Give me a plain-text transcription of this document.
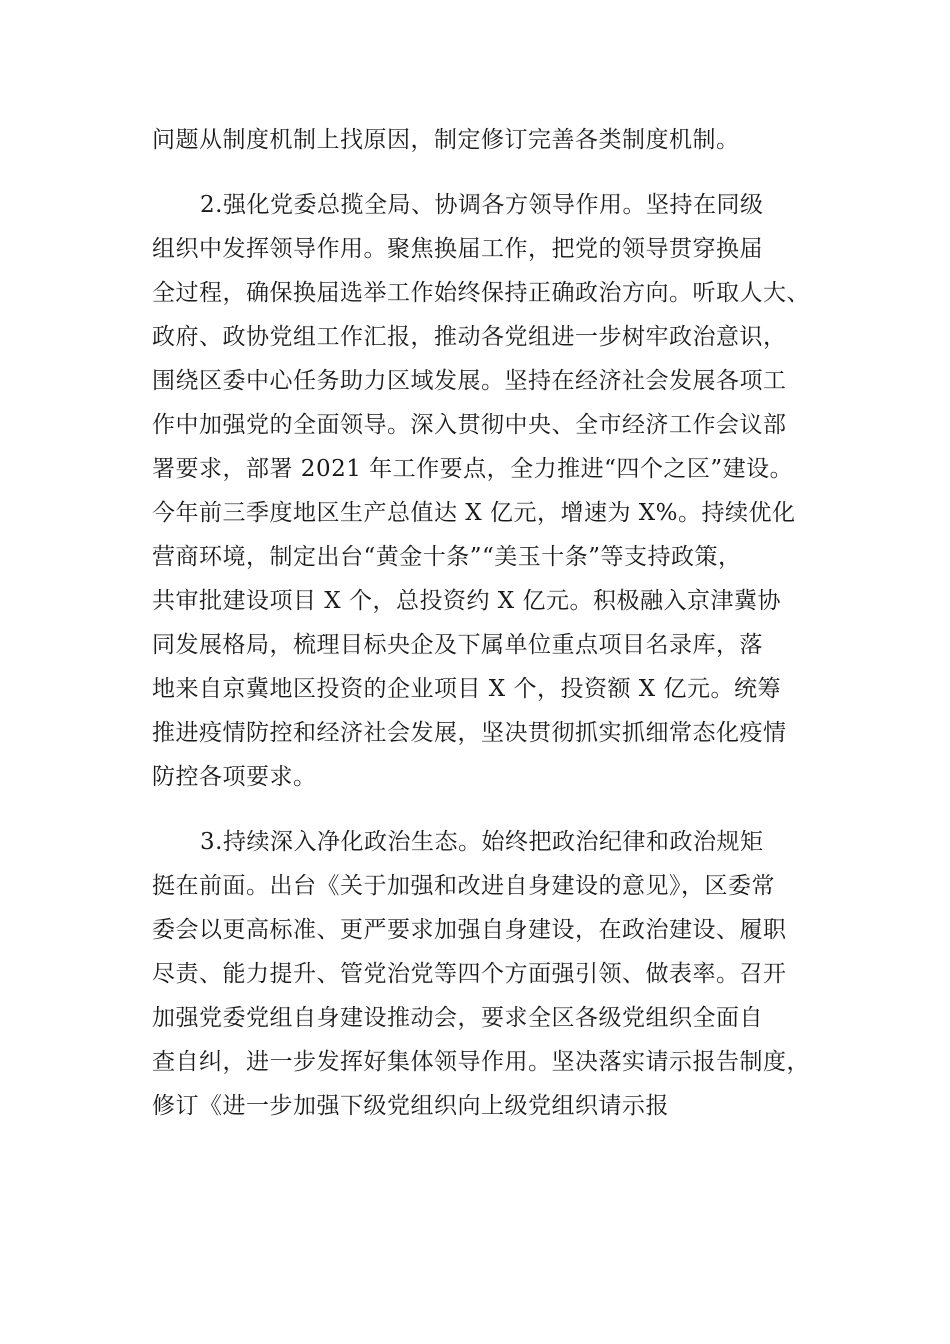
问题从制度机制上找原因，制定修订完善各类制度机制。
2.强化党委总揽全局、协调各方领导作用。坚持在同级
组织中发挥领导作用。聚焦换届工作，把党的领导贯穿换届
全过程，确保换届选举工作始终保持正确政治方向。听取人大、
政府、政协党组工作汇报，推动各党组进一步树牢政治意识，
围绕区委中心任务助力区域发展。坚持在经济社会发展各项工
作中加强党的全面领导。深入贯彻中央、全市经济工作会议部
署要求，部署 2021 年工作要点，全力推进“四个之区”建设。
今年前三季度地区生产总值达 X 亿元，增速为 X%。持续优化
营商环境，制定出台“黄金十条”“美玉十条”等支持政策，
共审批建设项目 X 个，总投资约 X 亿元。积极融入京津冀协
同发展格局，梳理目标央企及下属单位重点项目名录库，落
地来自京冀地区投资的企业项目 X 个，投资额 X 亿元。统筹
推进疫情防控和经济社会发展，坚决贯彻抓实抓细常态化疫情
防控各项要求。
3.持续深入净化政治生态。始终把政治纪律和政治规矩
挺在前面。出台《关于加强和改进自身建设的意见》，区委常
委会以更高标准、更严要求加强自身建设，在政治建设、履职
尽责、能力提升、管党治党等四个方面强引领、做表率。召开
加强党委党组自身建设推动会，要求全区各级党组织全面自
查自纠，进一步发挥好集体领导作用。坚决落实请示报告制度，
修订《进一步加强下级党组织向上级党组织请示报
